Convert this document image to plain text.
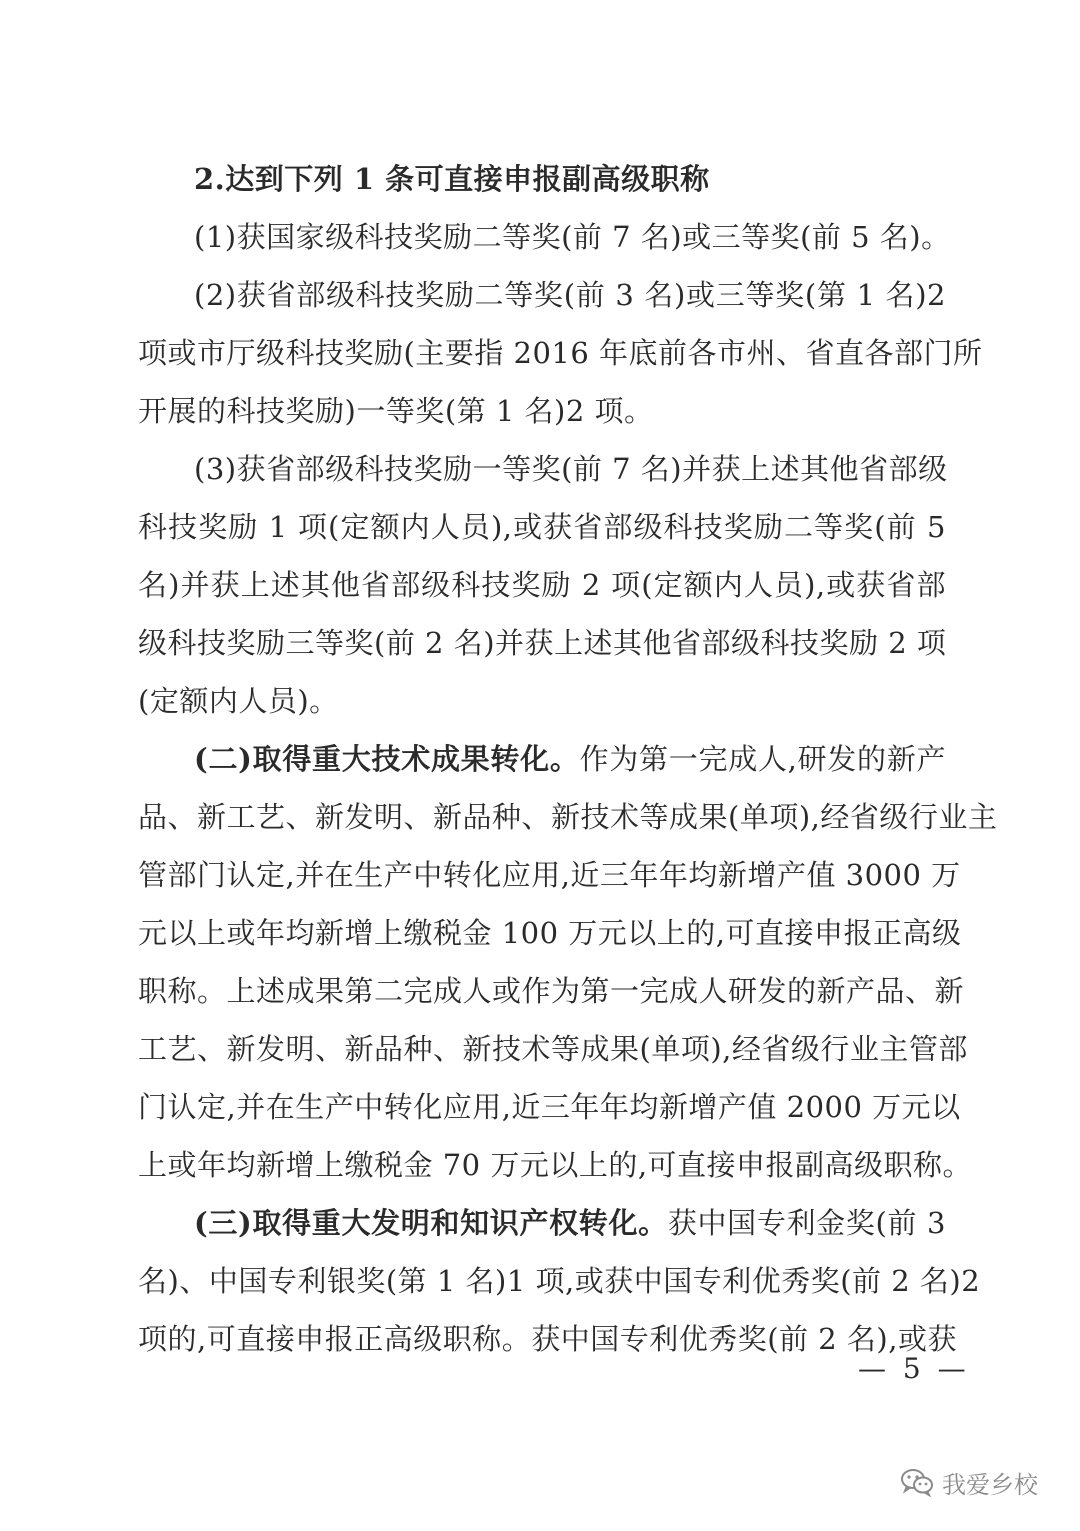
2.达到下列 1 条可直接申报副高级职称
(1)获国家级科技奖励二等奖(前 7 名)或三等奖(前 5 名)。
(2)获省部级科技奖励二等奖(前 3 名)或三等奖(第 1 名)2
项或市厅级科技奖励(主要指 2016 年底前各市州、省直各部门所
开展的科技奖励)一等奖(第 1 名)2 项。
(3)获省部级科技奖励一等奖(前 7 名)并获上述其他省部级
科技奖励 1 项(定额内人员),或获省部级科技奖励二等奖(前 5
名)并获上述其他省部级科技奖励 2 项(定额内人员),或获省部
级科技奖励三等奖(前 2 名)并获上述其他省部级科技奖励 2 项
(定额内人员)。
(二)取得重大技术成果转化。作为第一完成人,研发的新产
品、新工艺、新发明、新品种、新技术等成果(单项),经省级行业主
管部门认定,并在生产中转化应用,近三年年均新增产值 3000 万
元以上或年均新增上缴税金 100 万元以上的,可直接申报正高级
职称。上述成果第二完成人或作为第一完成人研发的新产品、新
工艺、新发明、新品种、新技术等成果(单项),经省级行业主管部
门认定,并在生产中转化应用,近三年年均新增产值 2000 万元以
上或年均新增上缴税金 70 万元以上的,可直接申报副高级职称。
(三)取得重大发明和知识产权转化。获中国专利金奖(前 3
名)、中国专利银奖(第 1 名)1 项,或获中国专利优秀奖(前 2 名)2
项的,可直接申报正高级职称。获中国专利优秀奖(前 2 名),或获
— 5 —
我爱乡校
